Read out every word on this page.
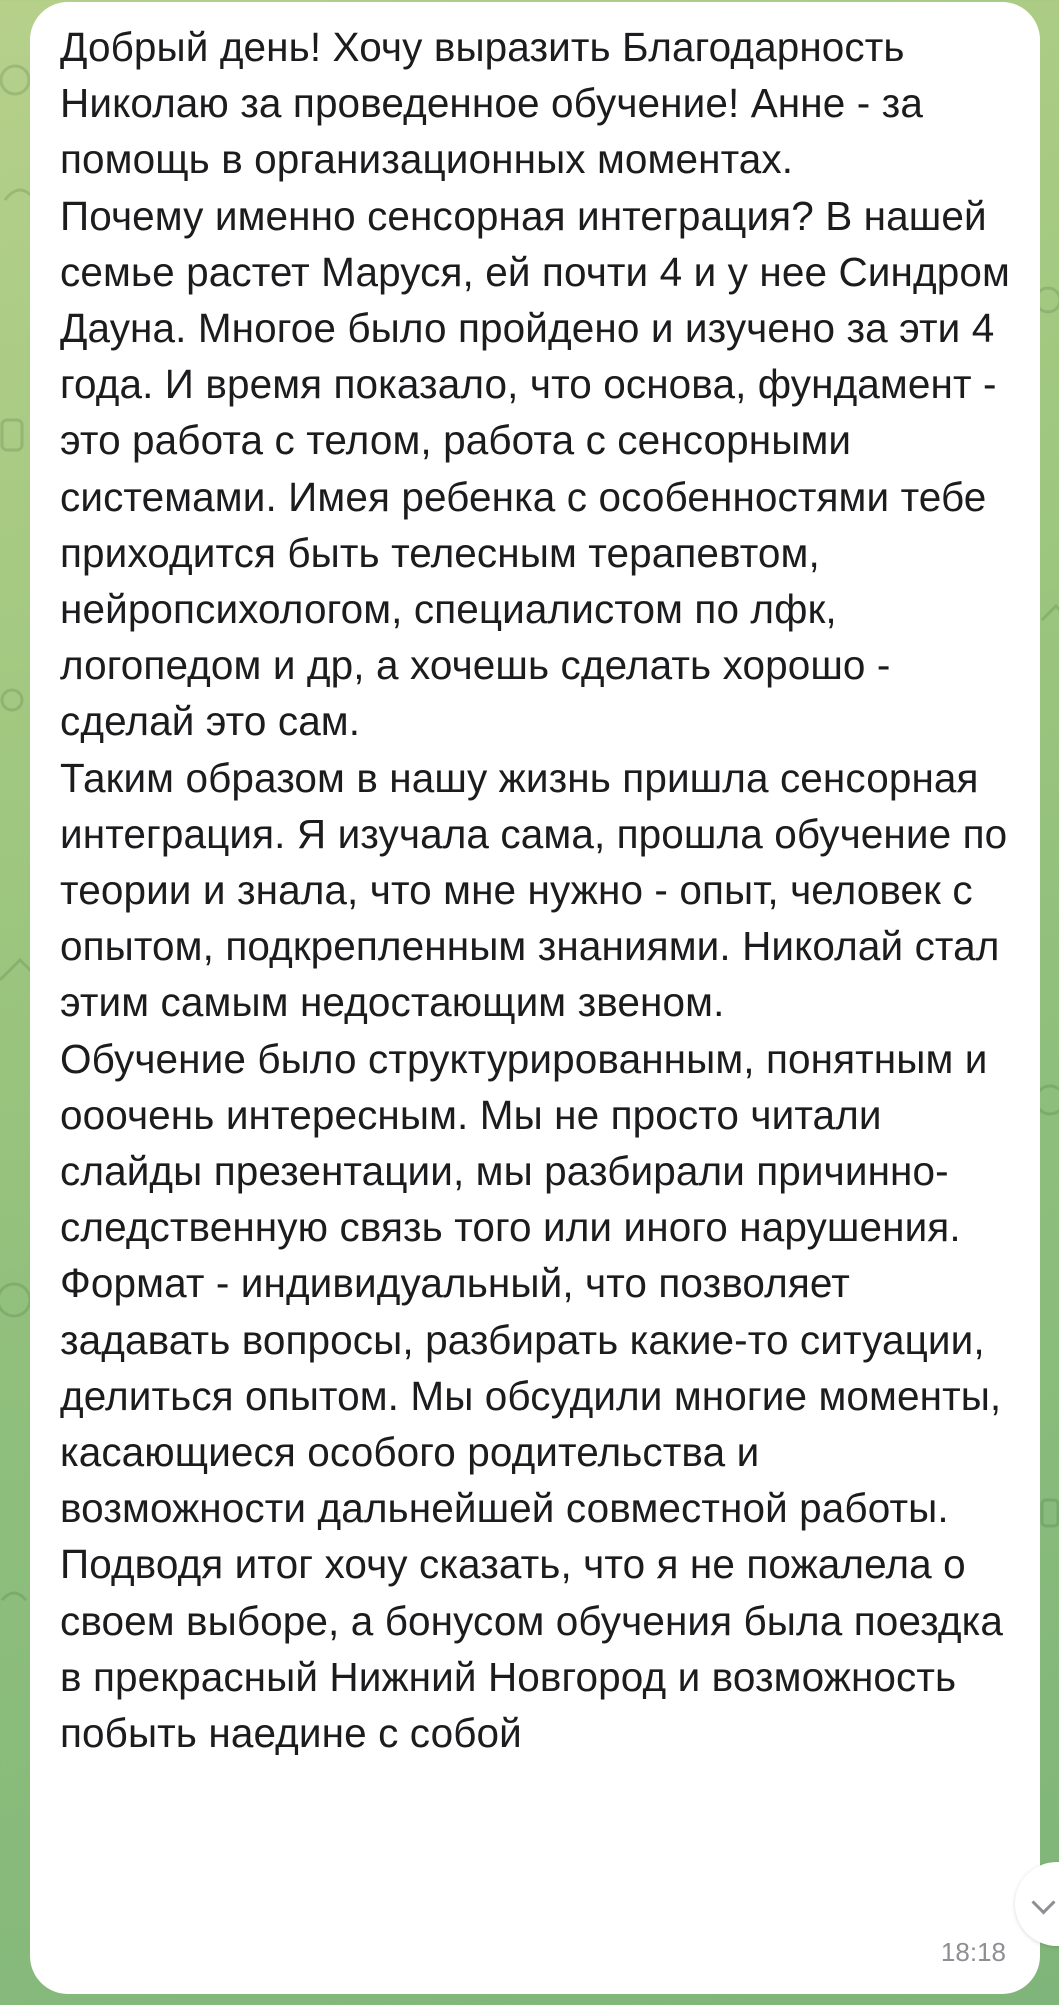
Добрый день! Хочу выразить Благодарность Николаю за проведенное обучение! Анне - за помощь в организационных моментах.
Почему именно сенсорная интеграция? В нашей семье растет Маруся, ей почти 4 и у нее Синдром Дауна. Многое было пройдено и изучено за эти 4 года. И время показало, что основа, фундамент - это работа с телом, работа с сенсорными системами. Имея ребенка с особенностями тебе приходится быть телесным терапевтом, нейропсихологом, специалистом по лфк, логопедом и др, а хочешь сделать хорошо - сделай это сам.
Таким образом в нашу жизнь пришла сенсорная интеграция. Я изучала сама, прошла обучение по теории и знала, что мне нужно - опыт, человек с опытом, подкрепленным знаниями. Николай стал этим самым недостающим звеном.
Обучение было структурированным, понятным и ооочень интересным. Мы не просто читали слайды презентации, мы разбирали причинно-следственную связь того или иного нарушения. Формат - индивидуальный, что позволяет задавать вопросы, разбирать какие-то ситуации, делиться опытом. Мы обсудили многие моменты, касающиеся особого родительства и возможности дальнейшей совместной работы.
Подводя итог хочу сказать, что я не пожалела о своем выборе, а бонусом обучения была поездка в прекрасный Нижний Новгород и возможность побыть наедине с собой

18:18
